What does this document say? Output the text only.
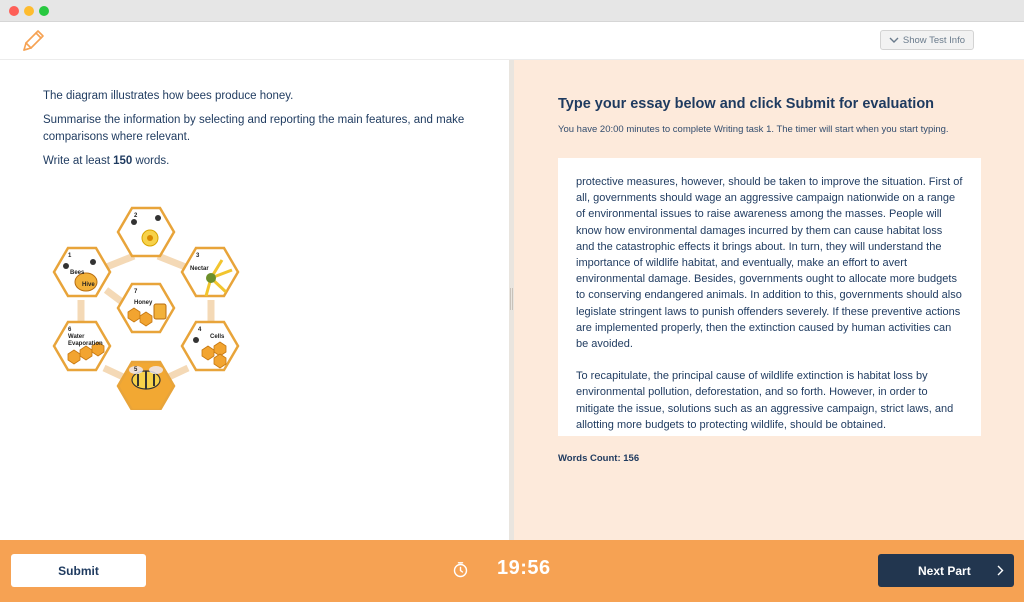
Show Test Info

The diagram illustrates how bees produce honey.

Summarise the information by selecting and reporting the main features, and make comparisons where relevant.

Write at least 150 words.

1
2
3
4
5
6
7
Bees
Hive
Nectar
Honey
Cells
Water
Evaporation
Type your essay below and click Submit for evaluation
You have 20:00 minutes to complete Writing task 1. The timer will start when you start typing.

protective measures, however, should be taken to improve the situation. First of all, governments should wage an aggressive campaign nationwide on a range of environmental issues to raise awareness among the masses. People will know how environmental damages incurred by them can cause habitat loss and the catastrophic effects it brings about. In turn, they will understand the importance of wildlife habitat, and eventually, make an effort to avert environmental damage. Besides, governments ought to allocate more budgets to conserving endangered animals. In addition to this, governments should also legislate stringent laws to punish offenders severely. If these preventive actions are implemented properly, then the extinction caused by human activities can be avoided.

To recapitulate, the principal cause of wildlife extinction is habitat loss by environmental pollution, deforestation, and so forth. However, in order to mitigate the issue, solutions such as an aggressive campaign, strict laws, and allotting more budgets to protecting wildlife, should be obtained.

Words Count: 156
Submit	19:56	Next Part
